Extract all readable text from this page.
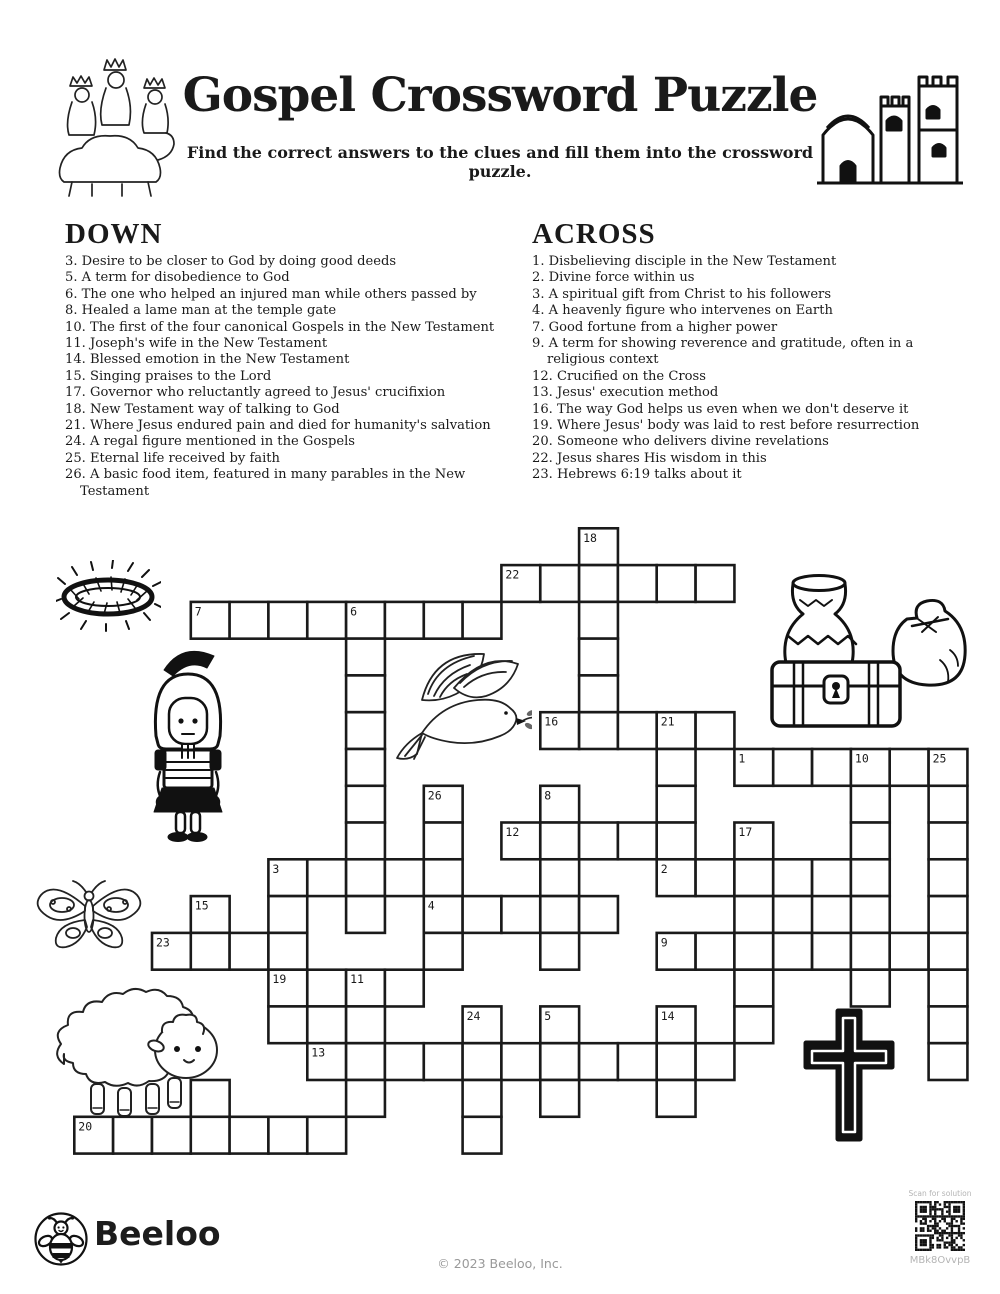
Gospel Crossword Puzzle
Find the correct answers to the clues and fill them into the crossword puzzle.
DOWN
3. Desire to be closer to God by doing good deeds
5. A term for disobedience to God
6. The one who helped an injured man while others passed by
8. Healed a lame man at the temple gate
10. The first of the four canonical Gospels in the New Testament
11. Joseph's wife in the New Testament
14. Blessed emotion in the New Testament
15. Singing praises to the Lord
17. Governor who reluctantly agreed to Jesus' crucifixion
18. New Testament way of talking to God
21. Where Jesus endured pain and died for humanity's salvation
24. A regal figure mentioned in the Gospels
25. Eternal life received by faith
26. A basic food item, featured in many parables in the New Testament
ACROSS
1. Disbelieving disciple in the New Testament
2. Divine force within us
3. A spiritual gift from Christ to his followers
4. A heavenly figure who intervenes on Earth
7. Good fortune from a higher power
9. A term for showing reverence and gratitude, often in a religious context
12. Crucified on the Cross
13. Jesus' execution method
16. The way God helps us even when we don't deserve it
19. Where Jesus' body was laid to rest before resurrection
20. Someone who delivers divine revelations
22. Jesus shares His wisdom in this
23. Hebrews 6:19 talks about it
18
22
7	6
16	21
1	10	25
26	8
12	17
3	2
15	4
23	9
19	11
24	5	14
13
20
Beeloo
© 2023 Beeloo, Inc.
Scan for solution
MBk8OvvpB
